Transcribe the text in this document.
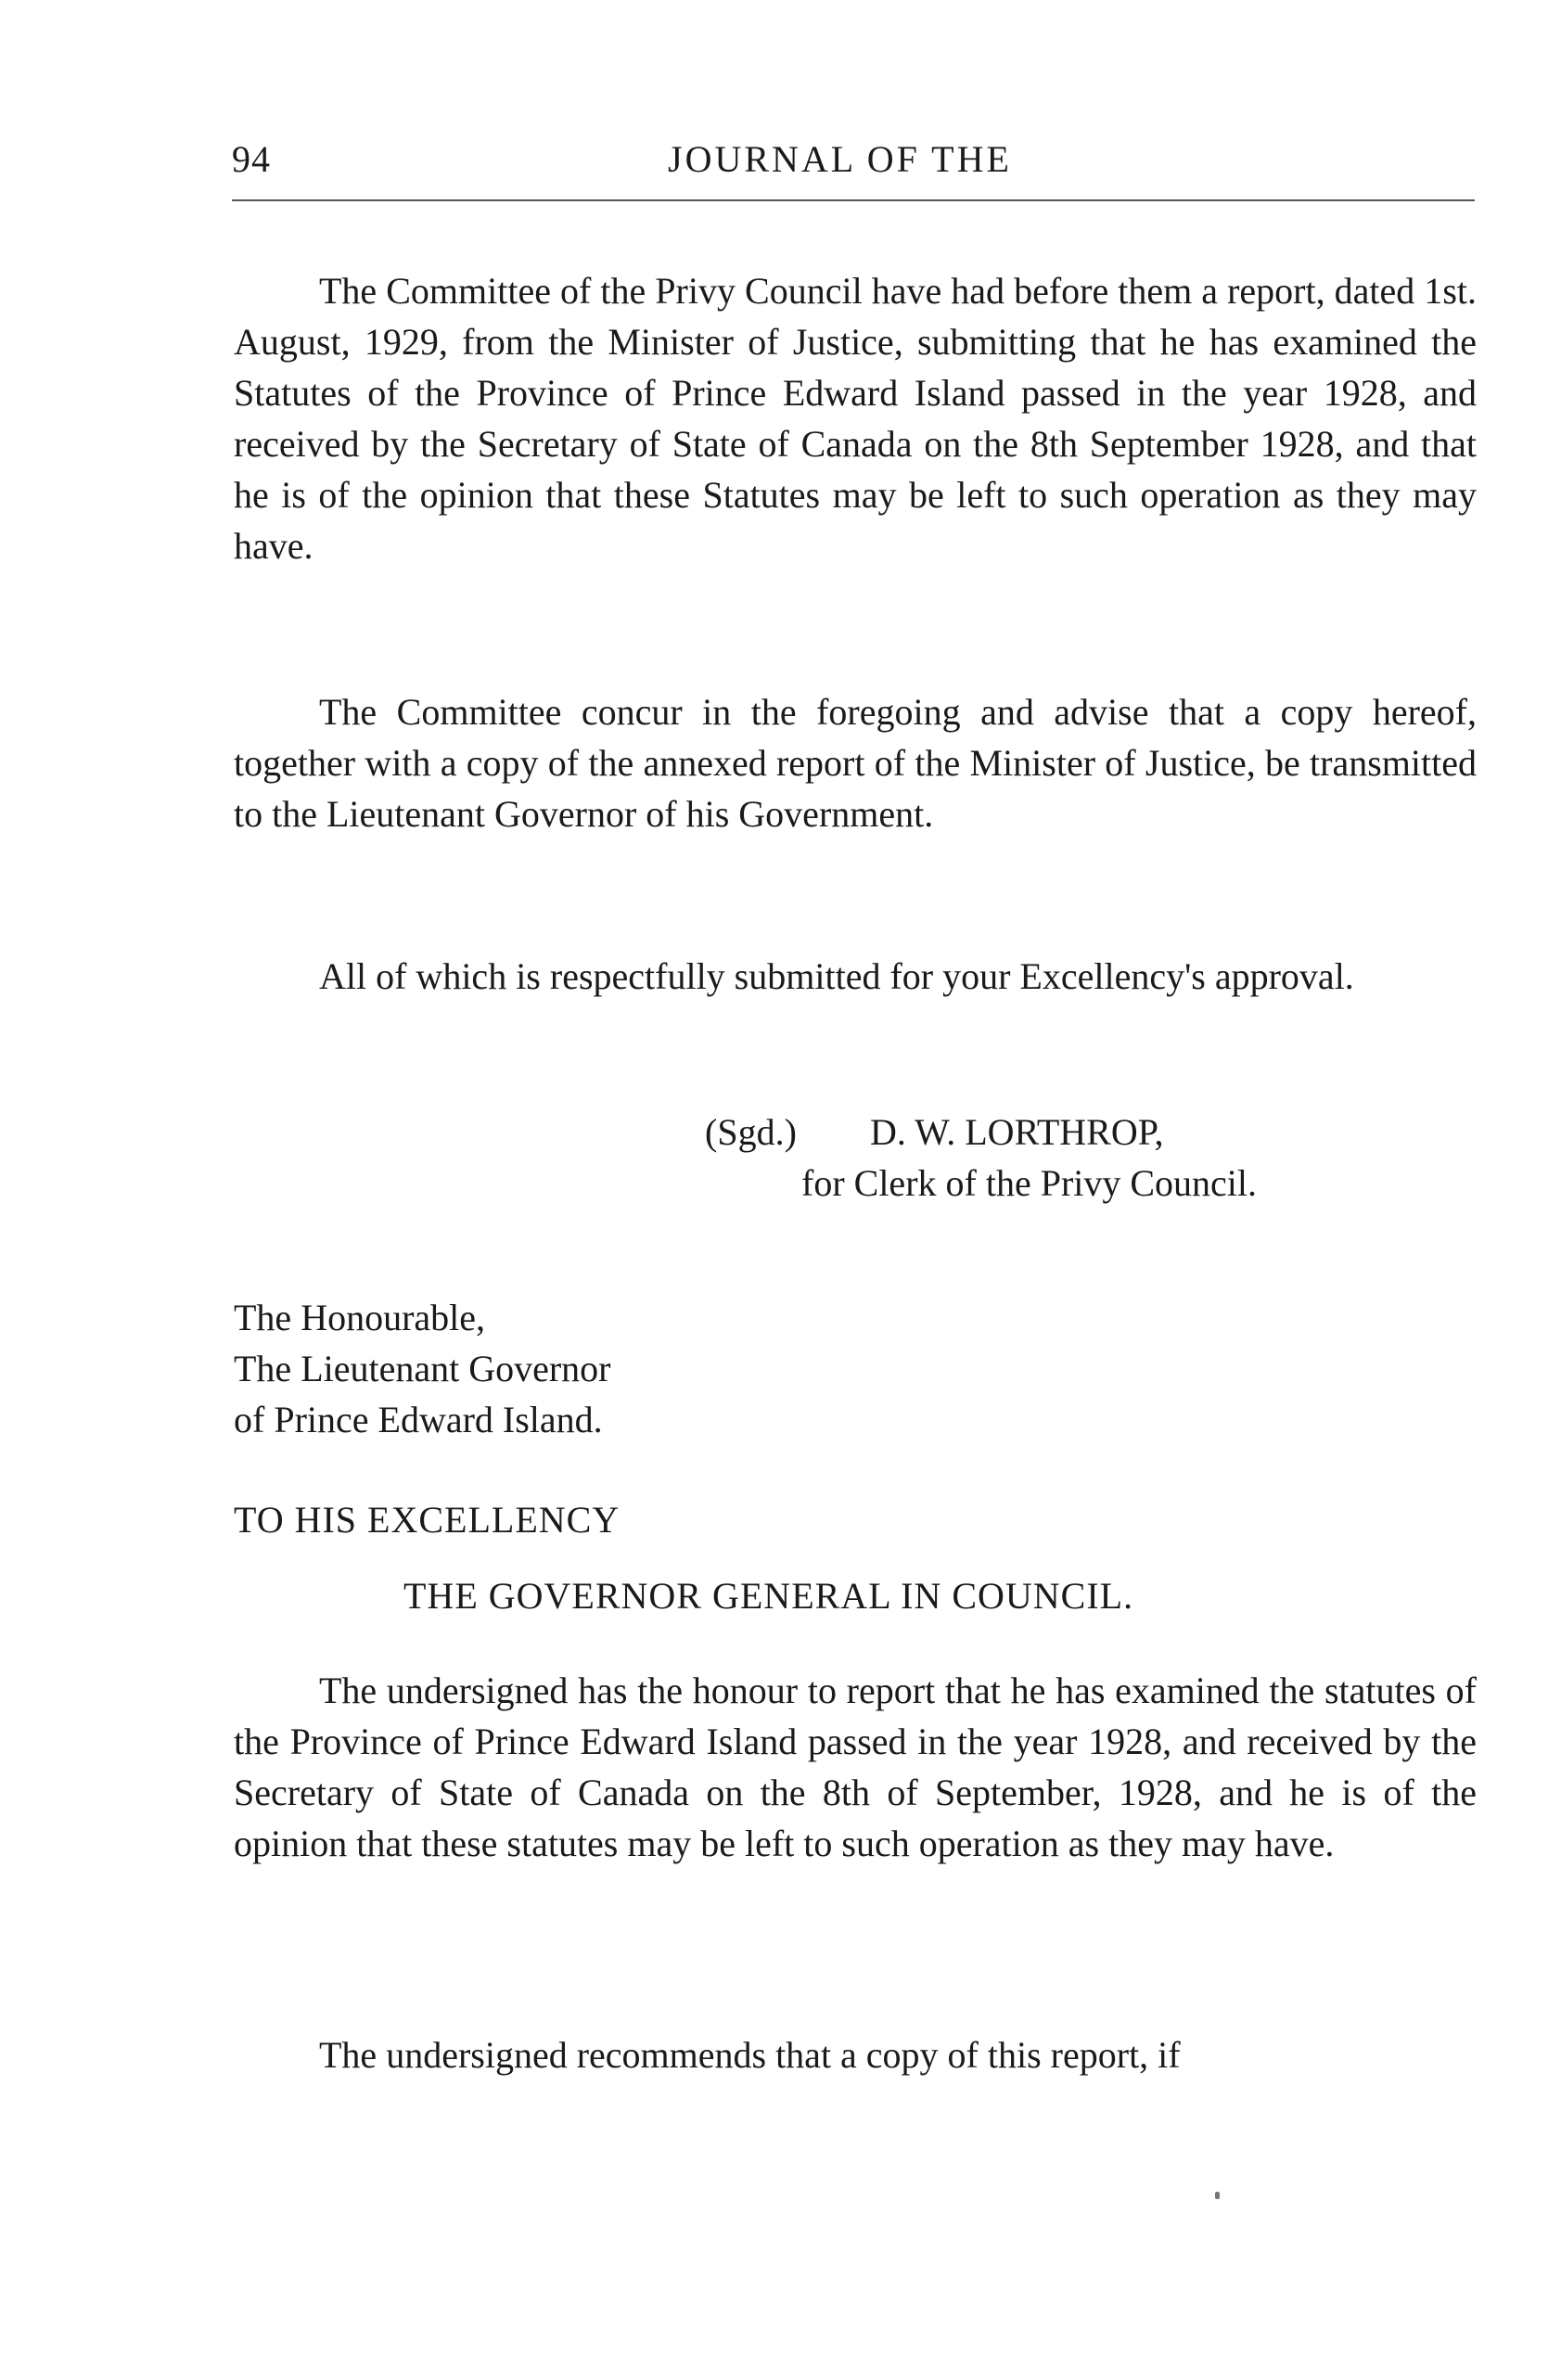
94	JOURNAL OF THE

The Committee of the Privy Council have had before them a report, dated 1st. August, 1929, from the Minister of Justice, submitting that he has examined the Statutes of the Province of Prince Edward Island passed in the year 1928, and received by the Secretary of State of Canada on the 8th September 1928, and that he is of the opinion that these Statutes may be left to such operation as they may have.

The Committee concur in the foregoing and advise that a copy hereof, together with a copy of the annexed report of the Minister of Justice, be transmitted to the Lieutenant Governor of his Government.

All of which is respectfully submitted for your Excellency's approval.

(Sgd.) D. W. LORTHROP,
for Clerk of the Privy Council.
The Honourable,
The Lieutenant Governor
of Prince Edward Island.
TO HIS EXCELLENCY
THE GOVERNOR GENERAL IN COUNCIL.

The undersigned has the honour to report that he has examined the statutes of the Province of Prince Edward Island passed in the year 1928, and received by the Secretary of State of Canada on the 8th of September, 1928, and he is of the opinion that these statutes may be left to such operation as they may have.

The undersigned recommends that a copy of this report, if
